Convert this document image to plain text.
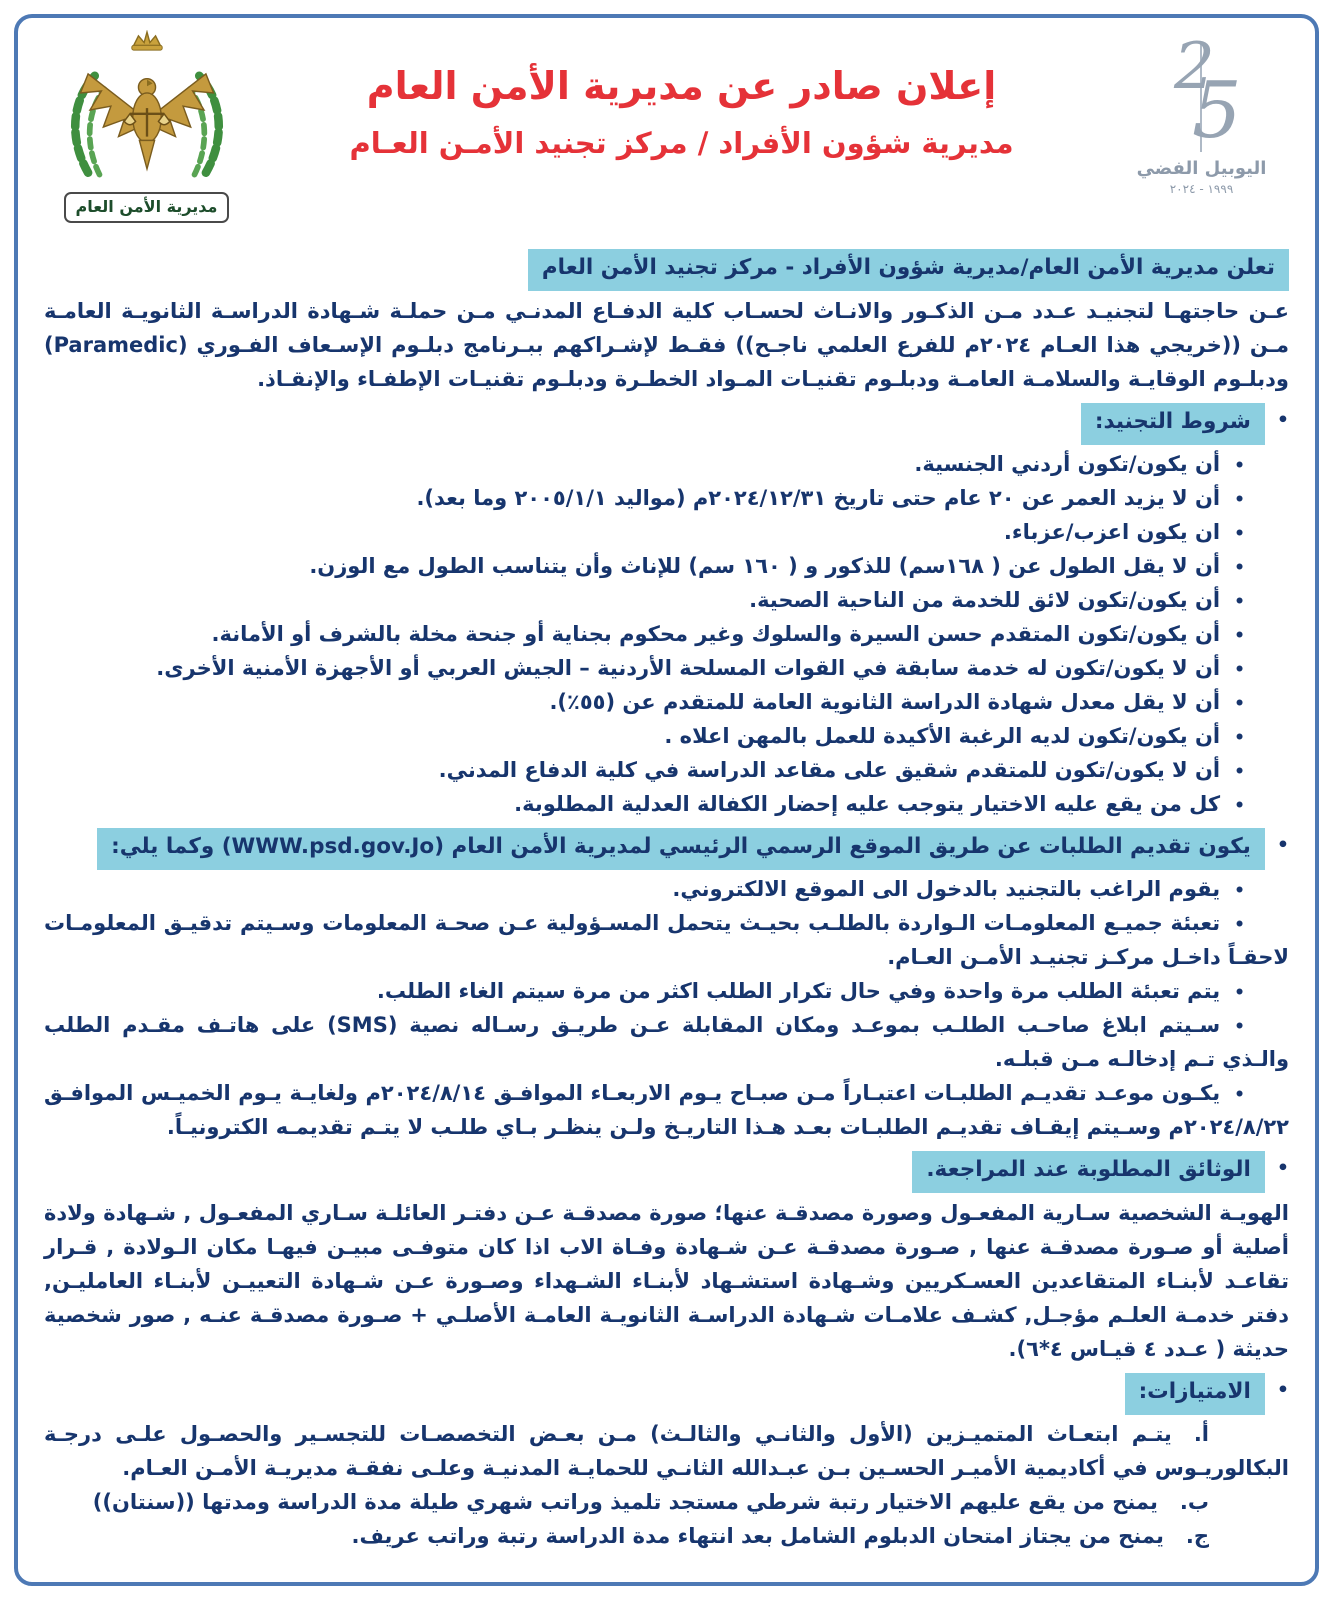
مديرية الأمن العام
إعلان صادر عن مديرية الأمن العام
مديرية شؤون الأفراد / مركز تجنيد الأمـن العـام
2
5
اليوبيل الفضي
١٩٩٩ - ٢٠٢٤
تعلن مديرية الأمن العام/مديرية شؤون الأفراد - مركز تجنيد الأمن العام

عـن حاجتهـا لتجنيـد عـدد مـن الذكـور والانـاث لحسـاب كلية الدفـاع المدنـي مـن حملـة شـهادة الدراسـة الثانويـة العامـة مـن ((خريجي هذا العـام ٢٠٢٤م للفرع العلمي ناجـح)) فقـط لإشـراكهم ببـرنامج دبلـوم الإسـعاف الفـوري (Paramedic) ودبلـوم الوقايـة والسلامـة العامـة ودبلـوم تقنيـات المـواد الخطـرة ودبلـوم تقنيـات الإطفـاء والإنقـاذ.

•شروط التجنيد:
•أن يكون/تكون أردني الجنسية.
•أن لا يزيد العمر عن ٢٠ عام حتى تاريخ ٢٠٢٤/١٢/٣١م (مواليد ٢٠٠٥/١/١ وما بعد).
•ان يكون اعزب/عزباء.
•أن لا يقل الطول عن ( ١٦٨سم) للذكور و ( ١٦٠ سم) للإناث وأن يتناسب الطول مع الوزن.
•أن يكون/تكون لائق للخدمة من الناحية الصحية.
•أن يكون/تكون المتقدم حسن السيرة والسلوك وغير محكوم بجناية أو جنحة مخلة بالشرف أو الأمانة.
•أن لا يكون/تكون له خدمة سابقة في القوات المسلحة الأردنية – الجيش العربي أو الأجهزة الأمنية الأخرى.
•أن لا يقل معدل شهادة الدراسة الثانوية العامة للمتقدم عن (٥٥٪).
•أن يكون/تكون لديه الرغبة الأكيدة للعمل بالمهن اعلاه .
•أن لا يكون/تكون للمتقدم شقيق على مقاعد الدراسة في كلية الدفاع المدني.
•كل من يقع عليه الاختيار يتوجب عليه إحضار الكفالة العدلية المطلوبة.
•يكون تقديم الطلبات عن طريق الموقع الرسمي الرئيسي لمديرية الأمن العام (WWW.psd.gov.Jo) وكما يلي:
•يقوم الراغب بالتجنيد بالدخول الى الموقع الالكتروني.
•تعبئة جميـع المعلومـات الـواردة بالطلـب بحيـث يتحمل المسـؤولية عـن صحـة المعلومات وسـيتم تدقيـق المعلومـات لاحقـاً داخـل مركـز تجنيـد الأمـن العـام.
•يتم تعبئة الطلب مرة واحدة وفي حال تكرار الطلب اكثر من مرة سيتم الغاء الطلب.
•سـيتم ابلاغ صاحـب الطلـب بموعـد ومكان المقابلة عـن طريـق رسـاله نصية (SMS) على هاتـف مقـدم الطلب والـذي تـم إدخالـه مـن قبلـه.
•يكـون موعـد تقديـم الطلبـات اعتبـاراً مـن صبـاح يـوم الاربعـاء الموافـق ٢٠٢٤/٨/١٤م ولغايـة يـوم الخميـس الموافـق ٢٠٢٤/٨/٢٢م وسـيتم إيقـاف تقديـم الطلبـات بعـد هـذا التاريـخ ولـن ينظـر بـاي طلـب لا يتـم تقديمـه الكترونيـاً.
•الوثائق المطلوبة عند المراجعة.

الهويـة الشخصية سـارية المفعـول وصورة مصدقـة عنها؛ صورة مصدقـة عـن دفتـر العائلـة سـاري المفعـول , شـهادة ولادة أصلية أو صـورة مصدقـة عنها , صـورة مصدقـة عـن شـهادة وفـاة الاب اذا كان متوفـى مبيـن فيهـا مكان الـولادة , قـرار تقاعـد لأبنـاء المتقاعدين العسـكريين وشـهادة استشـهاد لأبنـاء الشـهداء وصـورة عـن شـهادة التعييـن لأبنـاء العامليـن, دفتر خدمـة العلـم مؤجـل, كشـف علامـات شـهادة الدراسـة الثانويـة العامـة الأصلـي + صـورة مصدقـة عنـه , صور شخصية حديثة ( عـدد ٤ قيـاس ٤*٦).

•الامتيازات:
أ.يتـم ابتعـاث المتميـزين (الأول والثانـي والثالـث) مـن بعـض التخصصـات للتجسـير والحصـول علـى درجـة البكالوريـوس في أكاديمية الأميـر الحسـين بـن عبـدالله الثانـي للحمايـة المدنيـة وعلـى نفقـة مديريـة الأمـن العـام.
ب.يمنح من يقع عليهم الاختيار رتبة شرطي مستجد تلميذ وراتب شهري طيلة مدة الدراسة ومدتها ((سنتان))
ج.يمنح من يجتاز امتحان الدبلوم الشامل بعد انتهاء مدة الدراسة رتبة وراتب عريف.
